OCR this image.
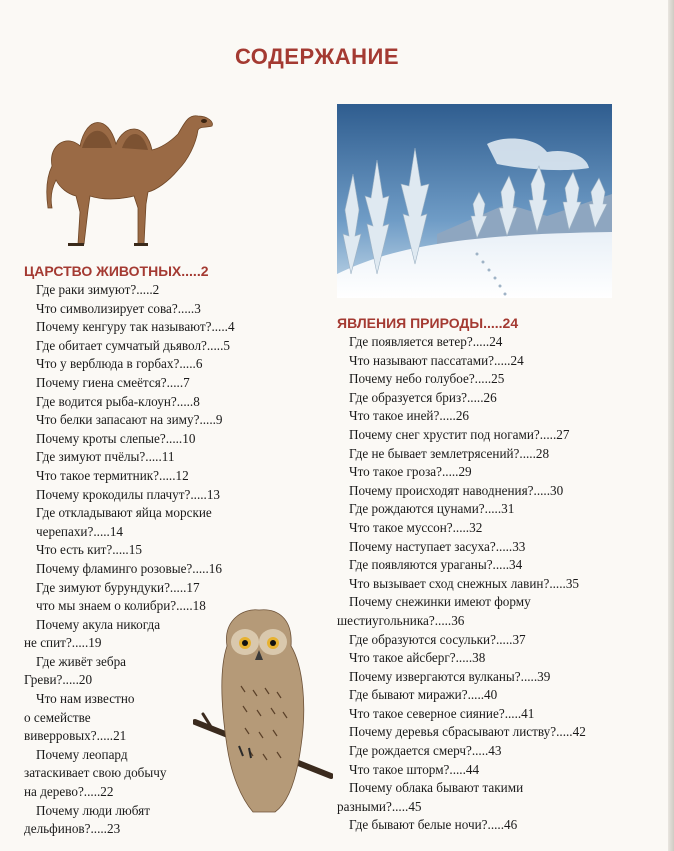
СОДЕРЖАНИЕ
ЦАРСТВО ЖИВОТНЫХ.....2
Где раки зимуют?.....2
Что символизирует сова?.....3
Почему кенгуру так называют?.....4
Где обитает сумчатый дьявол?.....5
Что у верблюда в горбах?.....6
Почему гиена смеётся?.....7
Где водится рыба-клоун?.....8
Что белки запасают на зиму?.....9
Почему кроты слепые?.....10
Где зимуют пчёлы?.....11
Что такое термитник?.....12
Почему крокодилы плачут?.....13
Где откладывают яйца морские
черепахи?.....14
Что есть кит?.....15
Почему фламинго розовые?.....16
Где зимуют бурундуки?.....17
что мы знаем о колибри?.....18
Почему акула никогда
не спит?.....19
Где живёт зебра
Греви?.....20
Что нам известно
о семействе
виверровых?.....21
Почему леопард
затаскивает свою добычу
на дерево?.....22
Почему люди любят
дельфинов?.....23
ЯВЛЕНИЯ ПРИРОДЫ.....24
Где появляется ветер?.....24
Что называют пассатами?.....24
Почему небо голубое?.....25
Где образуется бриз?.....26
Что такое иней?.....26
Почему снег хрустит под ногами?.....27
Где не бывает землетрясений?.....28
Что такое гроза?.....29
Почему происходят наводнения?.....30
Где рождаются цунами?.....31
Что такое муссон?.....32
Почему наступает засуха?.....33
Где появляются ураганы?.....34
Что вызывает сход снежных лавин?.....35
Почему снежинки имеют форму
шестиугольника?.....36
Где образуются сосульки?.....37
Что такое айсберг?.....38
Почему извергаются вулканы?.....39
Где бывают миражи?.....40
Что такое северное сияние?.....41
Почему деревья сбрасывают листву?.....42
Где рождается смерч?.....43
Что такое шторм?.....44
Почему облака бывают такими
разными?.....45
Где бывают белые ночи?.....46
